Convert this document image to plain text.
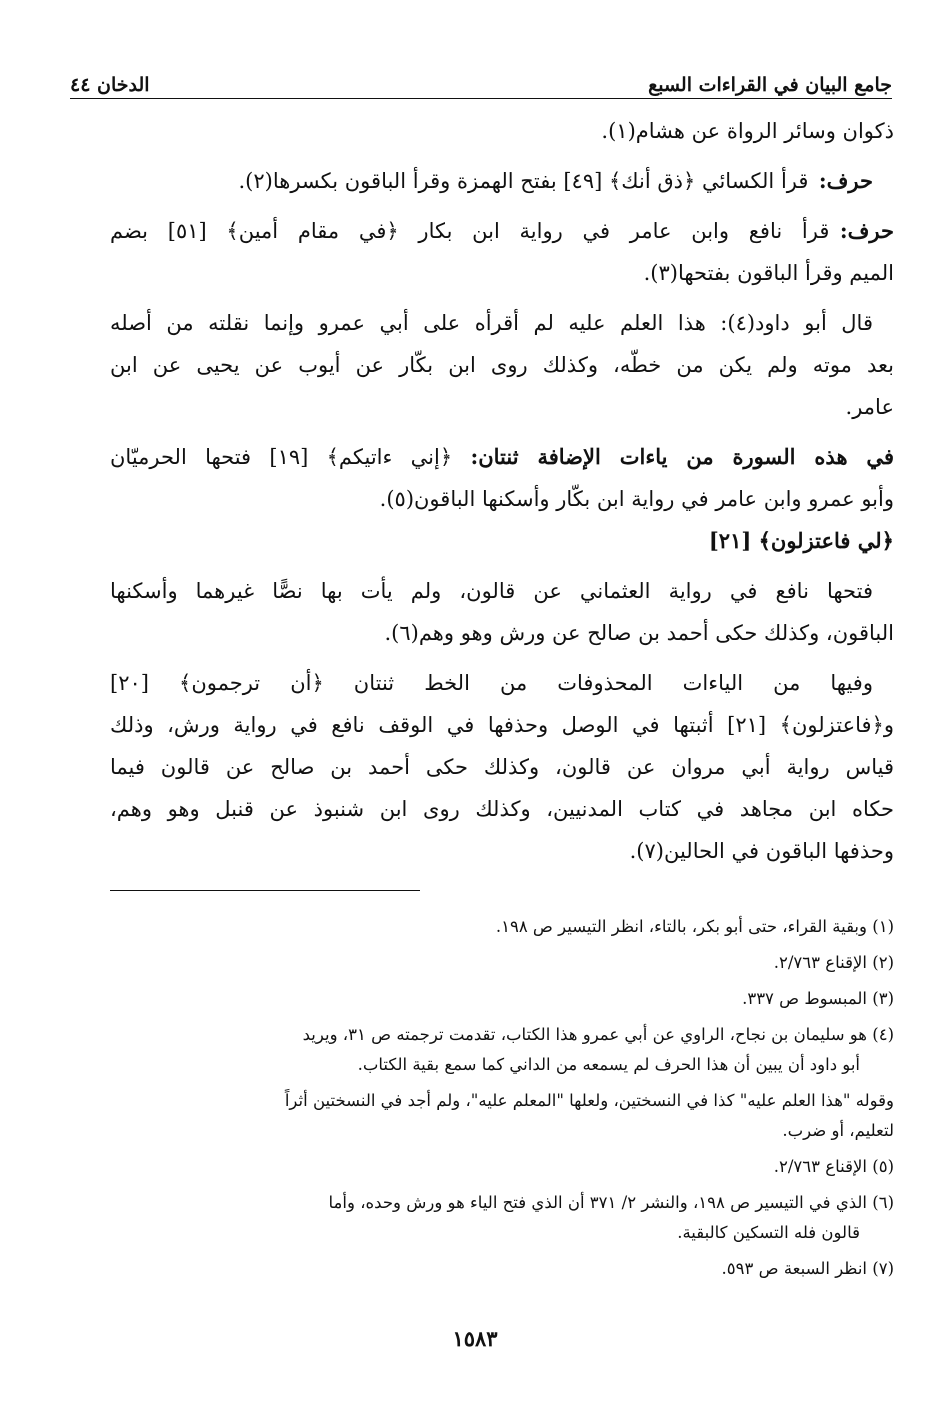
جامع البيان في القراءات السبع
الدخان ٤٤
ذكوان وسائر الرواة عن هشام(١).
 حرف: قرأ الكسائي ﴿ذق أنك﴾ [٤٩] بفتح الهمزة وقرأ الباقون بكسرها(٢).
حرف: قرأ نافع وابن عامر في رواية ابن بكار ﴿في مقام أمين﴾ [٥١] بضم
الميم وقرأ الباقون بفتحها(٣).
 قال أبو داود(٤): هذا العلم عليه لم أقرأه على أبي عمرو وإنما نقلته من أصله
بعد موته ولم يكن من خطّه، وكذلك روى ابن بكّار عن أيوب عن يحيى عن ابن
عامر.
في هذه السورة من ياءات الإضافة ثنتان: ﴿إني ءاتيكم﴾ [١٩] فتحها الحرميّان
وأبو عمرو وابن عامر في رواية ابن بكّار وأسكنها الباقون(٥).
﴿لي فاعتزلون﴾ [٢١]
 فتحها نافع في رواية العثماني عن قالون، ولم يأت بها نصًّا غيرهما وأسكنها
الباقون، وكذلك حكى أحمد بن صالح عن ورش وهو وهم(٦).
 وفيها من الياءات المحذوفات من الخط ثنتان ﴿أن ترجمون﴾ [٢٠]
و﴿فاعتزلون﴾ [٢١] أثبتها في الوصل وحذفها في الوقف نافع في رواية ورش، وذلك
قياس رواية أبي مروان عن قالون، وكذلك حكى أحمد بن صالح عن قالون فيما
حكاه ابن مجاهد في كتاب المدنيين، وكذلك روى ابن شنبوذ عن قنبل وهو وهم،
وحذفها الباقون في الحالين(٧).
(١) وبقية القراء، حتى أبو بكر، بالتاء، انظر التيسير ص ١٩٨.
(٢) الإقناع ٢/٧٦٣.
(٣) المبسوط ص ٣٣٧.
(٤) هو سليمان بن نجاح، الراوي عن أبي عمرو هذا الكتاب، تقدمت ترجمته ص ٣١، ويريد
أبو داود أن يبين أن هذا الحرف لم يسمعه من الداني كما سمع بقية الكتاب.
وقوله "هذا العلم عليه" كذا في النسختين، ولعلها "المعلم عليه"، ولم أجد في النسختين أثراً
لتعليم، أو ضرب.
(٥) الإقناع ٢/٧٦٣.
(٦) الذي في التيسير ص ١٩٨، والنشر ٢/ ٣٧١ أن الذي فتح الياء هو ورش وحده، وأما
قالون فله التسكين كالبقية.
(٧) انظر السبعة ص ٥٩٣.
١٥٨٣
